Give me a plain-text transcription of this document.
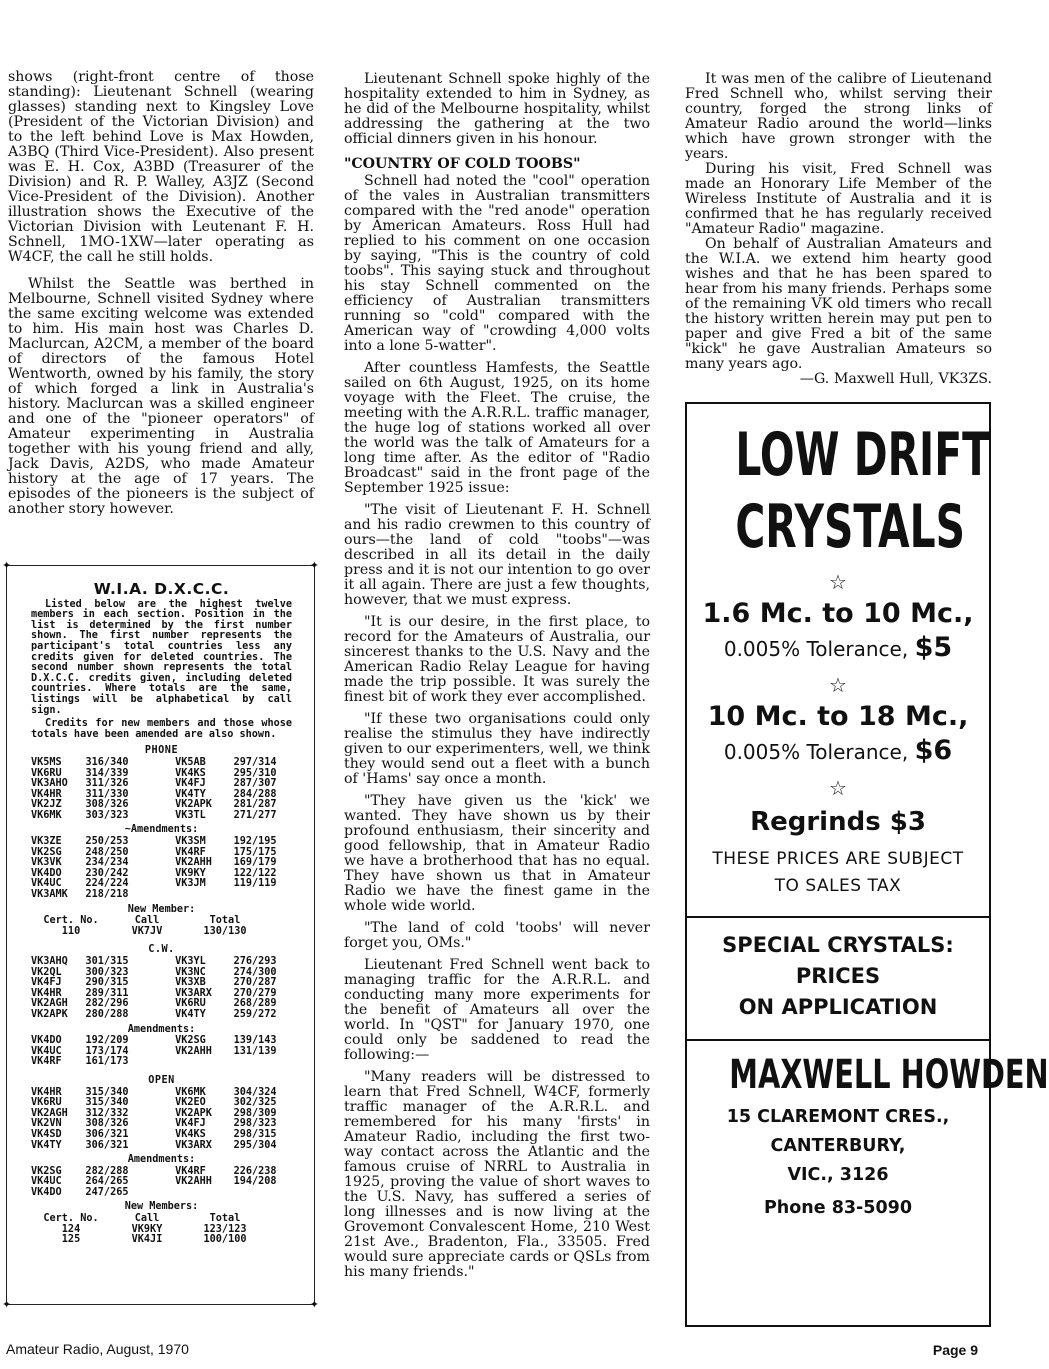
shows (right-front centre of those standing): Lieutenant Schnell (wearing glasses) standing next to Kingsley Love (President of the Victorian Division) and to the left behind Love is Max Howden, A3BQ (Third Vice-President). Also present was E. H. Cox, A3BD (Treasurer of the Division) and R. P. Walley, A3JZ (Second Vice-President of the Division). Another illustration shows the Executive of the Victorian Division with Leutenant F. H. Schnell, 1MO-1XW—later operating as W4CF, the call he still holds.

Whilst the Seattle was berthed in Melbourne, Schnell visited Sydney where the same exciting welcome was extended to him. His main host was Charles D. Maclurcan, A2CM, a member of the board of directors of the famous Hotel Wentworth, owned by his family, the story of which forged a link in Australia's history. Maclurcan was a skilled engineer and one of the "pioneer operators" of Amateur experimenting in Australia together with his young friend and ally, Jack Davis, A2DS, who made Amateur history at the age of 17 years. The episodes of the pioneers is the subject of another story however.

✦	✦
✦	✦
W.I.A. D.X.C.C.

Listed below are the highest twelve members in each section. Position in the list is determined by the first number shown. The first number represents the participant's total countries less any credits given for deleted countries. The second number shown represents the total D.X.C.C. credits given, including deleted countries. Where totals are the same, listings will be alphabetical by call sign.

Credits for new members and those whose totals have been amended are also shown.

PHONE
VK5MS	316/340	VK5AB	297/314
VK6RU	314/339	VK4KS	295/310
VK3AHO	311/326	VK4FJ	287/307
VK4HR	311/330	VK4TY	284/288
VK2JZ	308/326	VK2APK	281/287
VK6MK	303/323	VK3TL	271/277
~Amendments:
VK3ZE	250/253	VK3SM	192/195
VK2SG	248/250	VK4RF	175/175
VK3VK	234/234	VK2AHH	169/179
VK4DO	230/242	VK9KY	122/122
VK4UC	224/224	VK3JM	119/119
VK3AMK	218/218
New Member:
Cert. No.	Call	Total
110	VK7JV	130/130
C.W.
VK3AHQ	301/315	VK3YL	276/293
VK2QL	300/323	VK3NC	274/300
VK4FJ	290/315	VK3XB	270/287
VK4HR	289/311	VK3ARX	270/279
VK2AGH	282/296	VK6RU	268/289
VK2APK	280/288	VK4TY	259/272
Amendments:
VK4DO	192/209	VK2SG	139/143
VK4UC	173/174	VK2AHH	131/139
VK4RF	161/173
OPEN
VK4HR	315/340	VK6MK	304/324
VK6RU	315/340	VK2EO	302/325
VK2AGH	312/332	VK2APK	298/309
VK2VN	308/326	VK4FJ	298/323
VK4SD	306/321	VK4KS	298/315
VK4TY	306/321	VK3ARX	295/304
Amendments:
VK2SG	282/288	VK4RF	226/238
VK4UC	264/265	VK2AHH	194/208
VK4DO	247/265
New Members:
Cert. No.	Call	Total
124	VK9KY	123/123
125	VK4JI	100/100

Lieutenant Schnell spoke highly of the hospitality extended to him in Sydney, as he did of the Melbourne hospitality, whilst addressing the gathering at the two official dinners given in his honour.

"COUNTRY OF COLD TOOBS"

Schnell had noted the "cool" operation of the vales in Australian transmitters compared with the "red anode" operation by American Amateurs. Ross Hull had replied to his comment on one occasion by saying, "This is the country of cold toobs". This saying stuck and throughout his stay Schnell commented on the efficiency of Australian transmitters running so "cold" compared with the American way of "crowding 4,000 volts into a lone 5-watter".

After countless Hamfests, the Seattle sailed on 6th August, 1925, on its home voyage with the Fleet. The cruise, the meeting with the A.R.R.L. traffic manager, the huge log of stations worked all over the world was the talk of Amateurs for a long time after. As the editor of "Radio Broadcast" said in the front page of the September 1925 issue:

"The visit of Lieutenant F. H. Schnell and his radio crewmen to this country of ours—the land of cold "toobs"—was described in all its detail in the daily press and it is not our intention to go over it all again. There are just a few thoughts, however, that we must express.

"It is our desire, in the first place, to record for the Amateurs of Australia, our sincerest thanks to the U.S. Navy and the American Radio Relay League for having made the trip possible. It was surely the finest bit of work they ever accomplished.

"If these two organisations could only realise the stimulus they have indirectly given to our experimenters, well, we think they would send out a fleet with a bunch of 'Hams' say once a month.

"They have given us the 'kick' we wanted. They have shown us by their profound enthusiasm, their sincerity and good fellowship, that in Amateur Radio we have a brotherhood that has no equal. They have shown us that in Amateur Radio we have the finest game in the whole wide world.

"The land of cold 'toobs' will never forget you, OMs."

Lieutenant Fred Schnell went back to managing traffic for the A.R.R.L. and conducting many more experiments for the benefit of Amateurs all over the world. In "QST" for January 1970, one could only be saddened to read the following:—

"Many readers will be distressed to learn that Fred Schnell, W4CF, formerly traffic manager of the A.R.R.L. and remembered for his many 'firsts' in Amateur Radio, including the first two-way contact across the Atlantic and the famous cruise of NRRL to Australia in 1925, proving the value of short waves to the U.S. Navy, has suffered a series of long illnesses and is now living at the Grovemont Convalescent Home, 210 West 21st Ave., Bradenton, Fla., 33505. Fred would sure appreciate cards or QSLs from his many friends."

It was men of the calibre of Lieutenand Fred Schnell who, whilst serving their country, forged the strong links of Amateur Radio around the world—links which have grown stronger with the years.

During his visit, Fred Schnell was made an Honorary Life Member of the Wireless Institute of Australia and it is confirmed that he has regularly received "Amateur Radio" magazine.

On behalf of Australian Amateurs and the W.I.A. we extend him hearty good wishes and that he has been spared to hear from his many friends. Perhaps some of the remaining VK old timers who recall the history written herein may put pen to paper and give Fred a bit of the same "kick" he gave Australian Amateurs so many years ago.

—G. Maxwell Hull, VK3ZS.

LOW DRIFT
CRYSTALS
☆
1.6 Mc. to 10 Mc.,
0.005% Tolerance, $5
☆
10 Mc. to 18 Mc.,
0.005% Tolerance, $6
☆
Regrinds $3
THESE PRICES ARE SUBJECT
TO SALES TAX
SPECIAL CRYSTALS:
PRICES
ON APPLICATION
MAXWELL HOWDEN
15 CLAREMONT CRES.,
CANTERBURY,
VIC., 3126
Phone 83-5090
Amateur Radio, August, 1970	Page 9
